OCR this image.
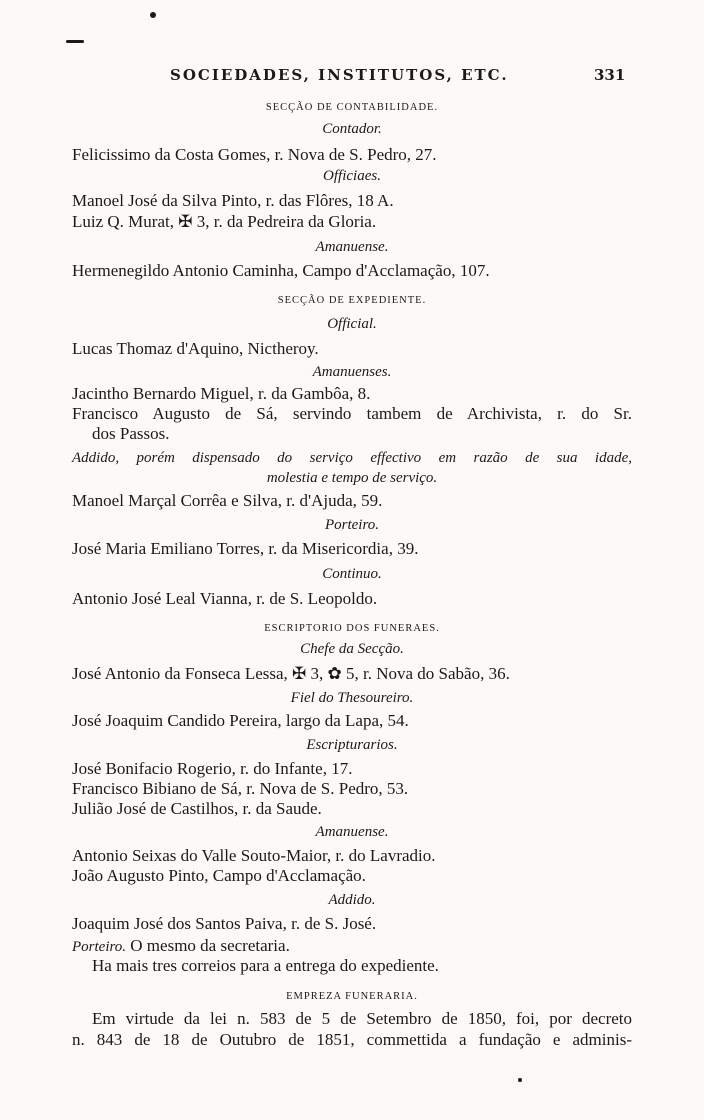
SOCIEDADES, INSTITUTOS, ETC.	331
SECÇÃO DE CONTABILIDADE.
Contador.
Felicissimo da Costa Gomes, r. Nova de S. Pedro, 27.
Officiaes.
Manoel José da Silva Pinto, r. das Flôres, 18 A.
Luiz Q. Murat, ✠ 3, r. da Pedreira da Gloria.
Amanuense.
Hermenegildo Antonio Caminha, Campo d'Acclamação, 107.
SECÇÃO DE EXPEDIENTE.
Official.
Lucas Thomaz d'Aquino, Nictheroy.
Amanuenses.
Jacintho Bernardo Miguel, r. da Gambôa, 8.
Francisco Augusto de Sá, servindo tambem de Archivista, r. do Sr.
dos Passos.
Addido, porém dispensado do serviço effectivo em razão de sua idade,
molestia e tempo de serviço.
Manoel Marçal Corrêa e Silva, r. d'Ajuda, 59.
Porteiro.
José Maria Emiliano Torres, r. da Misericordia, 39.
Continuo.
Antonio José Leal Vianna, r. de S. Leopoldo.
ESCRIPTORIO DOS FUNERAES.
Chefe da Secção.
José Antonio da Fonseca Lessa, ✠ 3, ✿ 5, r. Nova do Sabão, 36.
Fiel do Thesoureiro.
José Joaquim Candido Pereira, largo da Lapa, 54.
Escripturarios.
José Bonifacio Rogerio, r. do Infante, 17.
Francisco Bibiano de Sá, r. Nova de S. Pedro, 53.
Julião José de Castilhos, r. da Saude.
Amanuense.
Antonio Seixas do Valle Souto-Maior, r. do Lavradio.
João Augusto Pinto, Campo d'Acclamação.
Addido.
Joaquim José dos Santos Paiva, r. de S. José.
Porteiro. O mesmo da secretaria.
Ha mais tres correios para a entrega do expediente.
EMPREZA FUNERARIA.
Em virtude da lei n. 583 de 5 de Setembro de 1850, foi, por decreto
n. 843 de 18 de Outubro de 1851, commettida a fundação e adminis-
